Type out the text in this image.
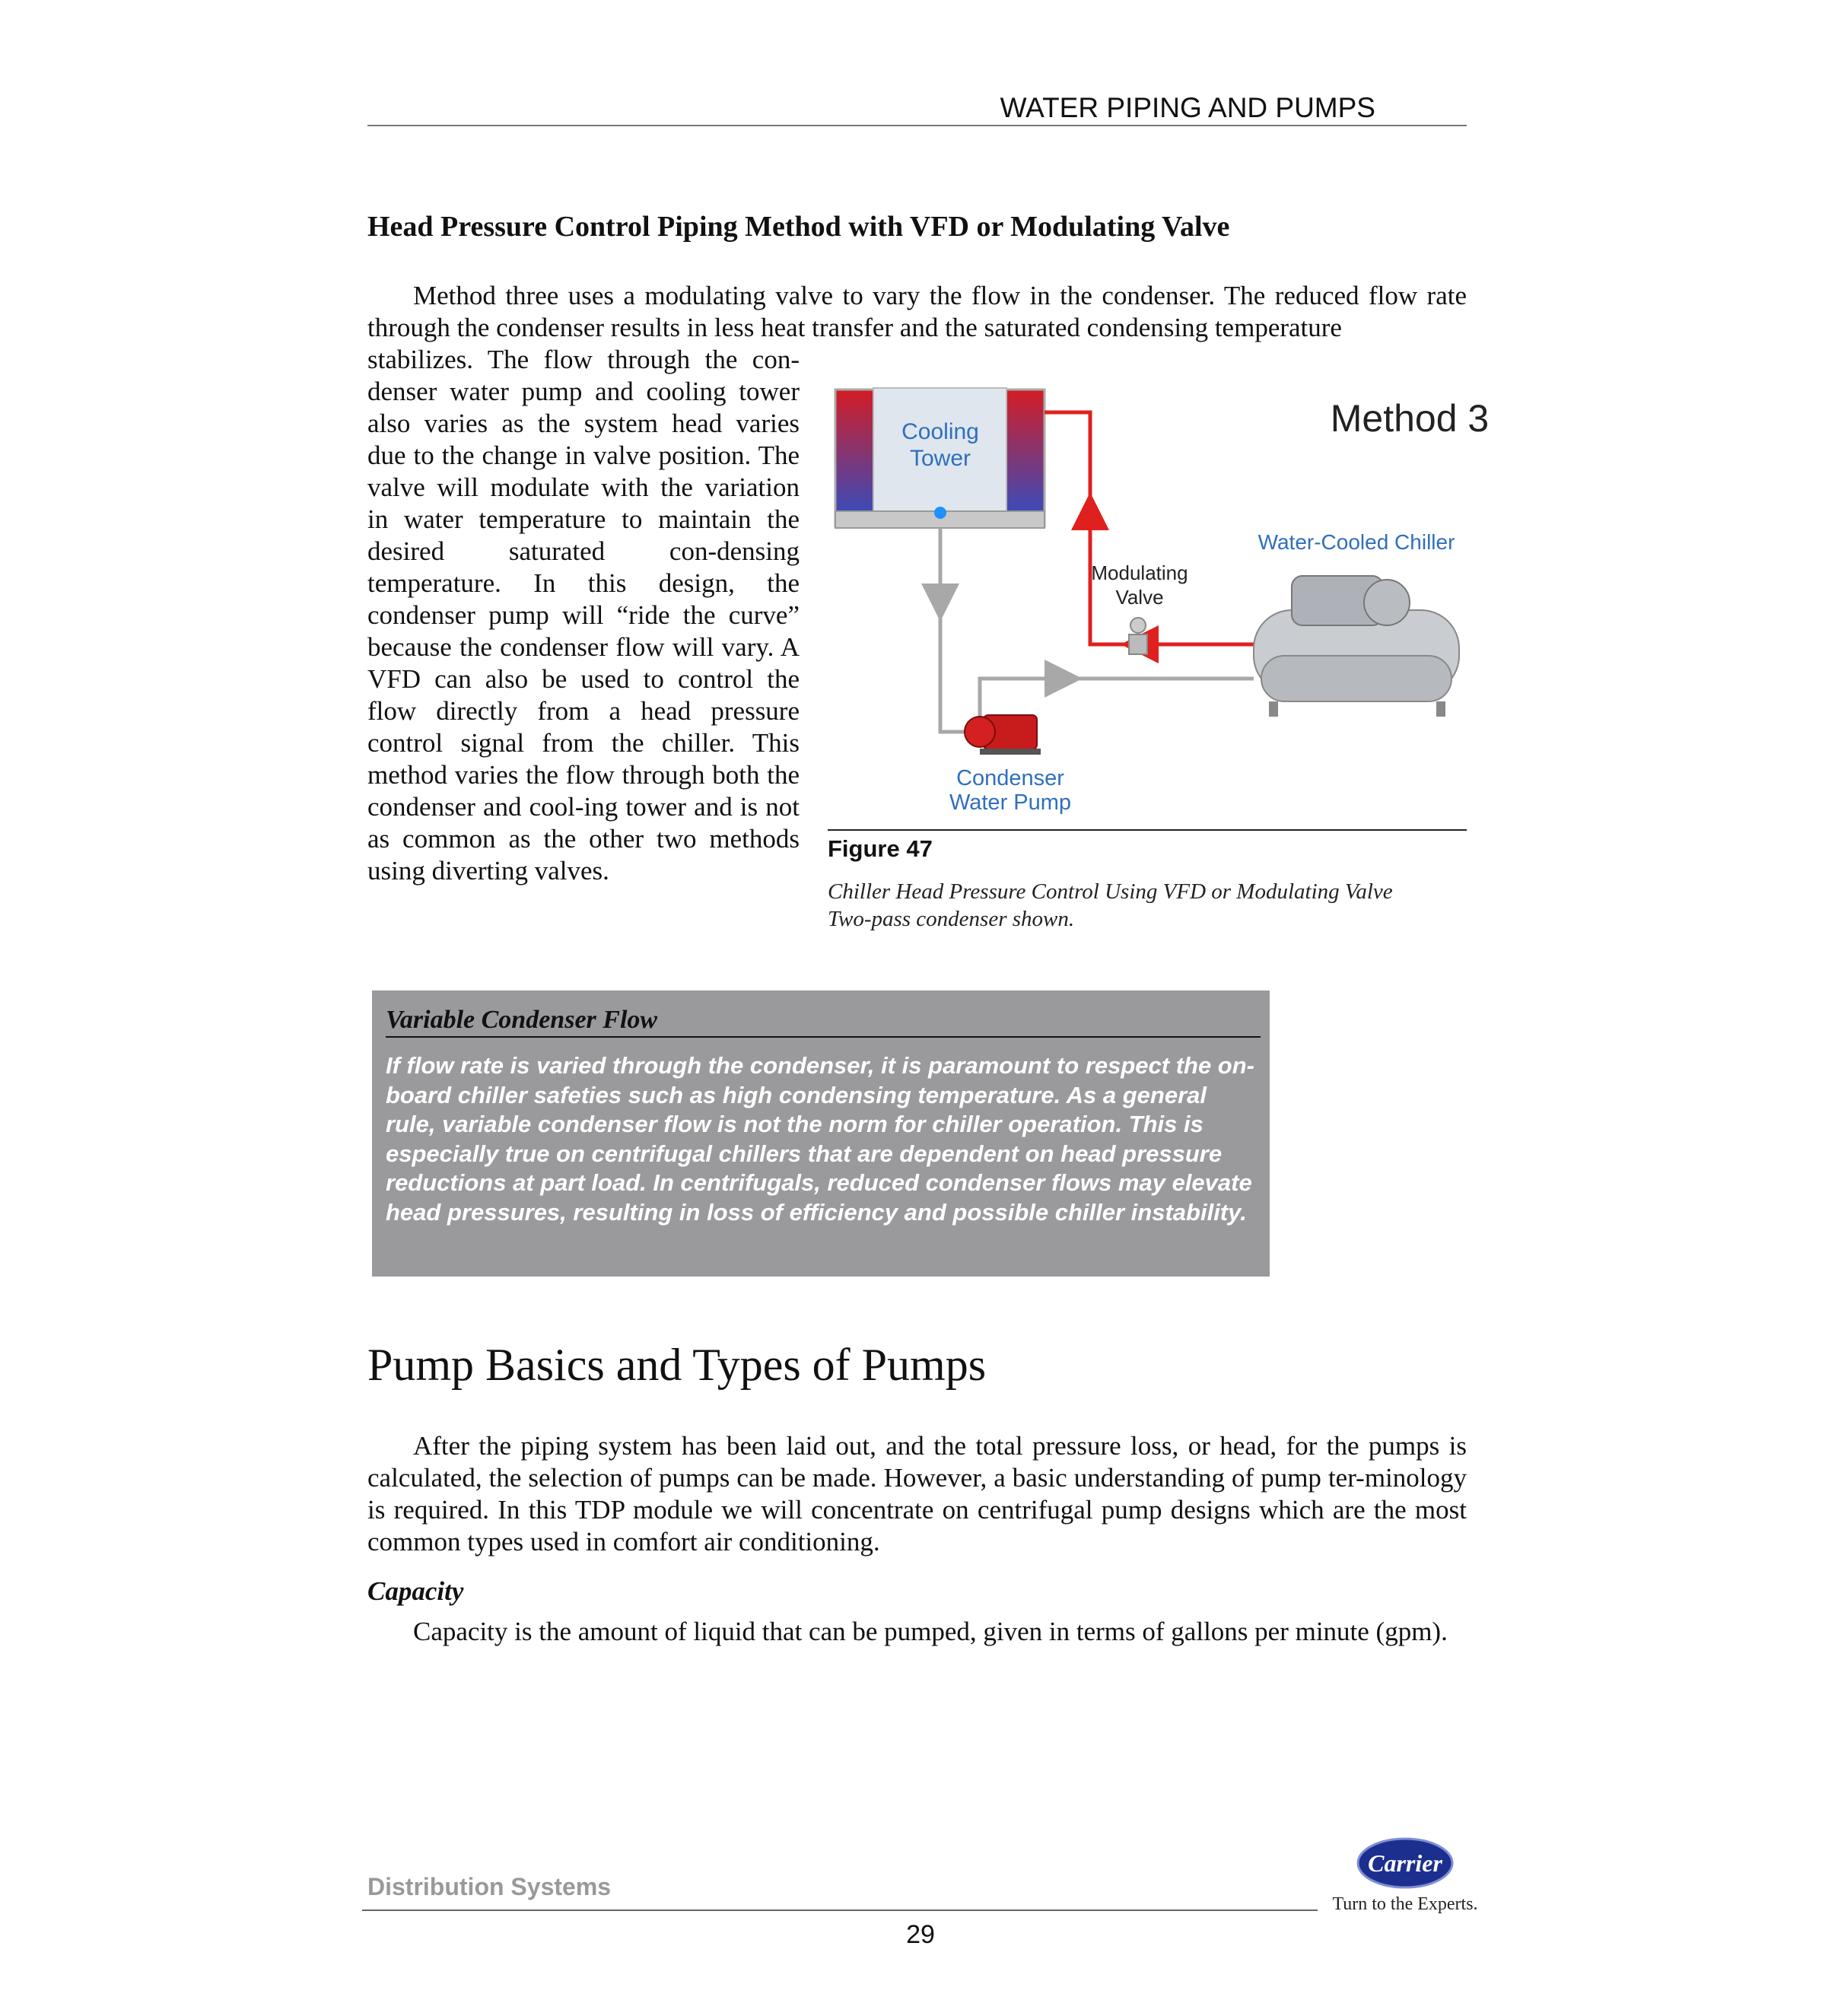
WATER PIPING AND PUMPS
Head Pressure Control Piping Method with VFD or Modulating Valve
Method three uses a modulating valve to vary the flow in the condenser. The reduced flow rate through the condenser results in less heat transfer and the saturated condensing temperature
stabilizes. The flow through the con-denser water pump and cooling tower also varies as the system head varies due to the change in valve position. The valve will modulate with the variation in water temperature to maintain the desired saturated con-densing temperature. In this design, the condenser pump will “ride the curve” because the condenser flow will vary. A VFD can also be used to control the flow directly from a head pressure control signal from the chiller. This method varies the flow through both the condenser and cool-ing tower and is not as common as the other two methods using diverting valves.
Cooling
Tower
Modulating
Valve
Condenser
Water Pump
Method 3
Water-Cooled Chiller
Figure 47
Chiller Head Pressure Control Using VFD or Modulating Valve
Two-pass condenser shown.
Variable Condenser Flow
If flow rate is varied through the condenser, it is paramount to respect the on-board chiller safeties such as high condensing temperature. As a general rule, variable condenser flow is not the norm for chiller operation. This is especially true on centrifugal chillers that are dependent on head pressure reductions at part load. In centrifugals, reduced condenser flows may elevate head pressures, resulting in loss of efficiency and possible chiller instability.
Pump Basics and Types of Pumps
After the piping system has been laid out, and the total pressure loss, or head, for the pumps is calculated, the selection of pumps can be made. However, a basic understanding of pump ter-minology is required. In this TDP module we will concentrate on centrifugal pump designs which are the most common types used in comfort air conditioning.
Capacity
Capacity is the amount of liquid that can be pumped, given in terms of gallons per minute (gpm).
Distribution Systems
29
Carrier
Turn to the Experts.
